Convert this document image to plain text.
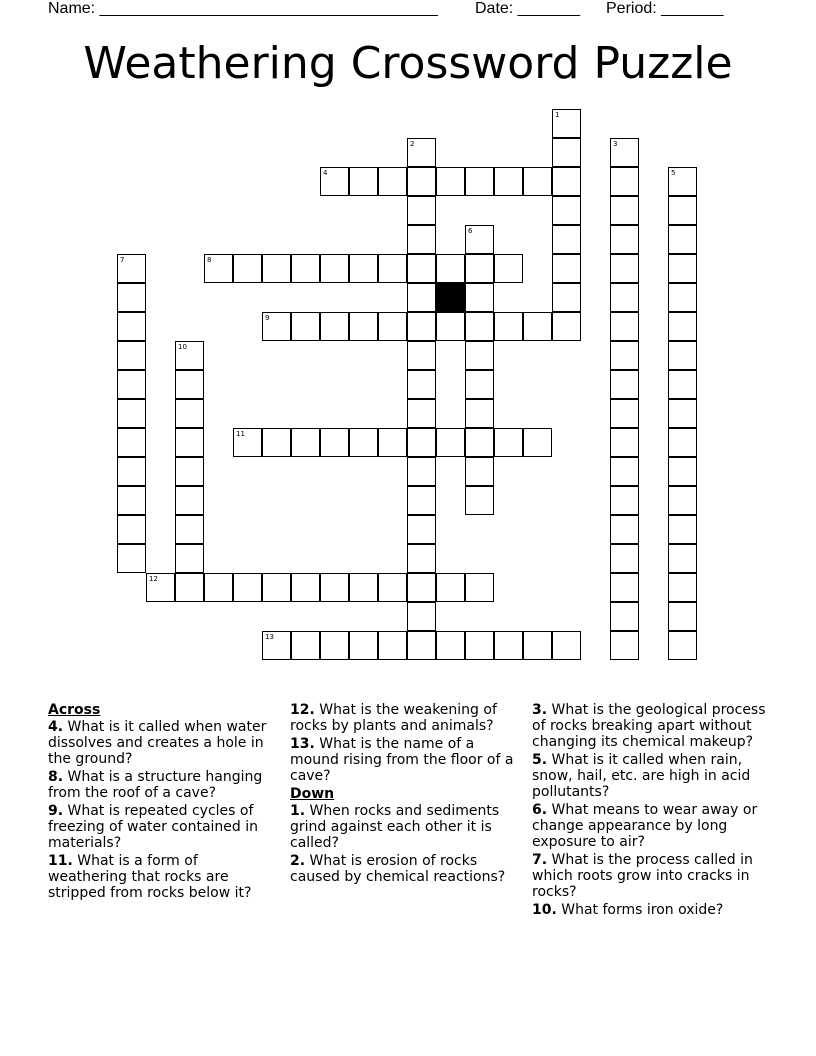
Name: ______________________________________ Date: _______ Period: _______
Weathering Crossword Puzzle
1
2	3
4	5
6
7	8
9
10
11
12
13
Across
4. What is it called when water dissolves and creates a hole in the ground?
8. What is a structure hanging from the roof of a cave?
9. What is repeated cycles of freezing of water contained in materials?
11. What is a form of weathering that rocks are stripped from rocks below it?
12. What is the weakening of rocks by plants and animals?
13. What is the name of a mound rising from the floor of a cave?
Down
1. When rocks and sediments grind against each other it is called?
2. What is erosion of rocks caused by chemical reactions?
3. What is the geological process of rocks breaking apart without changing its chemical makeup?
5. What is it called when rain, snow, hail, etc. are high in acid pollutants?
6. What means to wear away or change appearance by long exposure to air?
7. What is the process called in which roots grow into cracks in rocks?
10. What forms iron oxide?
